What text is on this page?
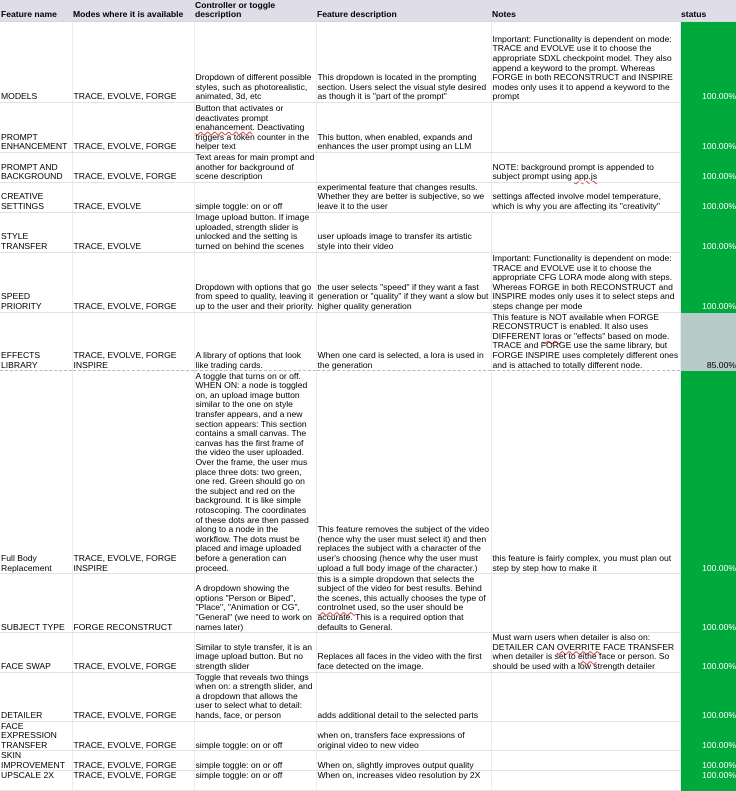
Feature name	Modes where it is available	Controller or toggle description	Feature description	Notes	status
MODELS	TRACE, EVOLVE, FORGE	Dropdown of different possible styles, such as photorealistic, animated, 3d, etc	This dropdown is located in the prompting section. Users select the visual style desired as though it is "part of the prompt"	Important: Functionality is dependent on mode: TRACE and EVOLVE use it to choose the appropriate SDXL checkpoint model. They also append a keyword to the prompt. Whereas FORGE in both RECONSTRUCT and INSPIRE modes only uses it to append a keyword to the prompt	100.00%
PROMPT ENHANCEMENT	TRACE, EVOLVE, FORGE	Button that activates or deactivates prompt enahancement. Deactivating triggers a token counter in the helper text	This button, when enabled, expands and enhances the user prompt using an LLM		100.00%
PROMPT AND BACKGROUND	TRACE, EVOLVE, FORGE	Text areas for main prompt and another for background of scene description		NOTE: background prompt is appended to subject prompt using app.js	100.00%
CREATIVE SETTINGS	TRACE, EVOLVE	simple toggle: on or off	experimental feature that changes results. Whether they are better is subjective, so we leave it to the user	settings affected involve model temperature, which is why you are affecting its "creativity"	100.00%
STYLE TRANSFER	TRACE, EVOLVE	Image upload button. If image uploaded, strength slider is unlocked and the setting is turned on behind the scenes	user uploads image to transfer its artistic style into their video		100.00%
SPEED PRIORITY	TRACE, EVOLVE, FORGE	Dropdown with options that go from speed to quality, leaving it up to the user and their priority.	the user selects "speed" if they want a fast generation or "quality" if they want a slow but higher quality generation	Important: Functionality is dependent on mode: TRACE and EVOLVE use it to choose the appropriate CFG LORA mode along with steps. Whereas FORGE in both RECONSTRUCT and INSPIRE modes only uses it to select steps and steps change per mode	100.00%
EFFECTS LIBRARY	TRACE, EVOLVE, FORGE INSPIRE	A library of options that look like trading cards.	When one card is selected, a lora is used in the generation	This feature is NOT available when FORGE RECONSTRUCT is enabled. It also uses DIFFERENT loras or "effects" based on mode. TRACE and FORGE use the same library, but FORGE INSPIRE uses completely different ones and is attached to totally different node.	85.00%
Full Body Replacement	TRACE, EVOLVE, FORGE INSPIRE	A toggle that turns on or off. WHEN ON: a node is toggled on, an upload image button similar to the one on style transfer appears, and a new section appears: This section contains a small canvas. The canvas has the first frame of the video the user uploaded. Over the frame, the user mus place three dots: two green, one red. Green should go on the subject and red on the background. It is like simple rotoscoping. The coordinates of these dots are then passed along to a node in the workflow. The dots must be placed and image uploaded before a generation can proceed.	This feature removes the subject of the video (hence why the user must select it) and then replaces the subject with a character of the user's choosing (hence why the user must upload a full body image of the character.)	this feature is fairly complex, you must plan out step by step how to make it	100.00%
SUBJECT TYPE	FORGE RECONSTRUCT	A dropdown showing the options "Person or Biped", "Place", "Animation or CG", "General" (we need to work on names later)	this is a simple dropdown that selects the subject of the video for best results. Behind the scenes, this actually chooses the type of controlnet used, so the user should be accurate. This is a required option that defaults to General.		100.00%
FACE SWAP	TRACE, EVOLVE, FORGE	Similar to style transfer, it is an image upload button. But no strength slider	Replaces all faces in the video with the first face detected on the image.	Must warn users when detailer is also on: DETAILER CAN OVERRITE FACE TRANSFER when detailer is set to eithe face or person. So should be used with a low strength detailer	100.00%
DETAILER	TRACE, EVOLVE, FORGE	Toggle that reveals two things when on: a strength slider, and a dropdown that allows the user to select what to detail: hands, face, or person	adds additional detail to the selected parts		100.00%
FACE EXPRESSION TRANSFER	TRACE, EVOLVE, FORGE	simple toggle: on or off	when on, transfers face expressions of original video to new video		100.00%
SKIN IMPROVEMENT	TRACE, EVOLVE, FORGE	simple toggle: on or off	When on, slightly improves output quality		100.00%
UPSCALE 2X	TRACE, EVOLVE, FORGE	simple toggle: on or off	When on, increases video resolution by 2X		100.00%
